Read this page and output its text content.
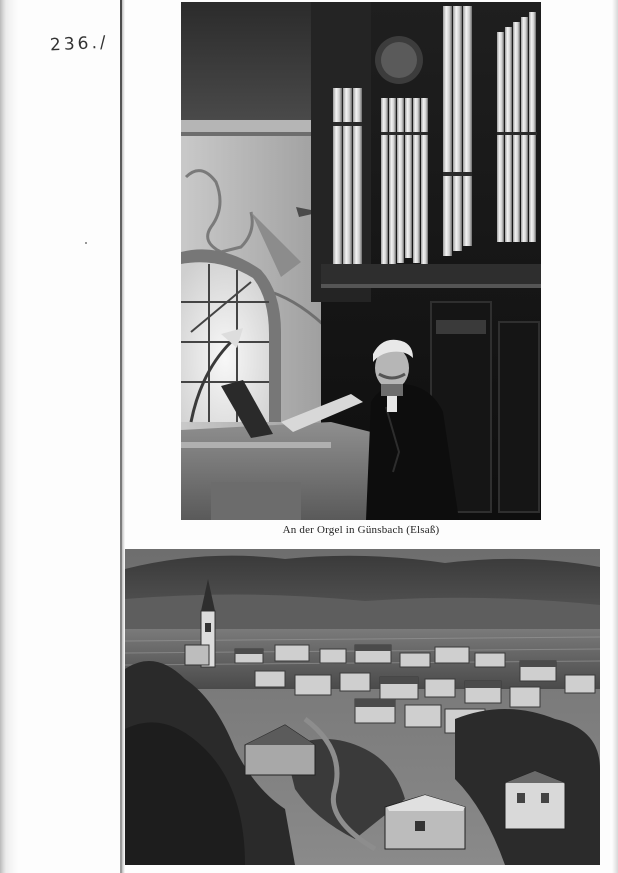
236./
An der Orgel in Günsbach (Elsaß)
